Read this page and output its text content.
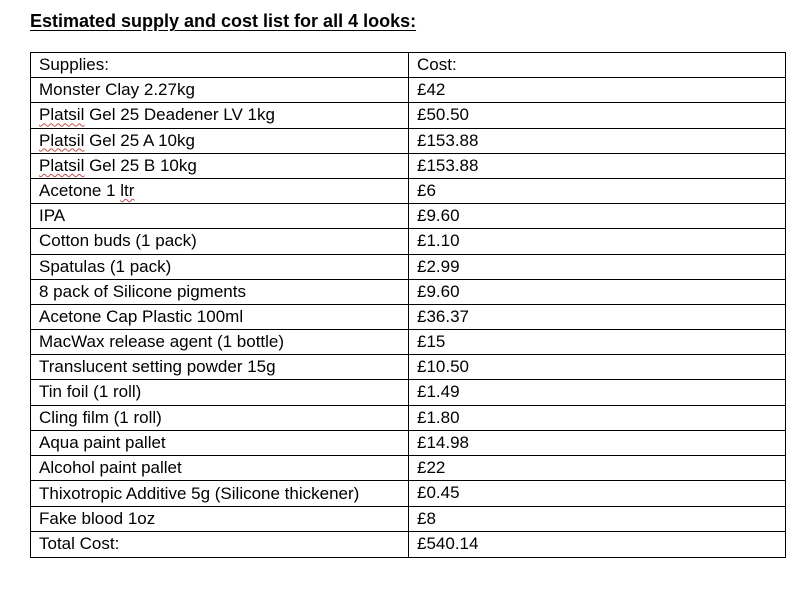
Estimated supply and cost list for all 4 looks:
Supplies:	Cost:
Monster Clay 2.27kg	£42
Platsil Gel 25 Deadener LV 1kg	£50.50
Platsil Gel 25 A 10kg	£153.88
Platsil Gel 25 B 10kg	£153.88
Acetone 1 ltr	£6
IPA	£9.60
Cotton buds (1 pack)	£1.10
Spatulas (1 pack)	£2.99
8 pack of Silicone pigments	£9.60
Acetone Cap Plastic 100ml	£36.37
MacWax release agent (1 bottle)	£15
Translucent setting powder 15g	£10.50
Tin foil (1 roll)	£1.49
Cling film (1 roll)	£1.80
Aqua paint pallet	£14.98
Alcohol paint pallet	£22
Thixotropic Additive 5g (Silicone thickener)	£0.45
Fake blood 1oz	£8
Total Cost:	£540.14
